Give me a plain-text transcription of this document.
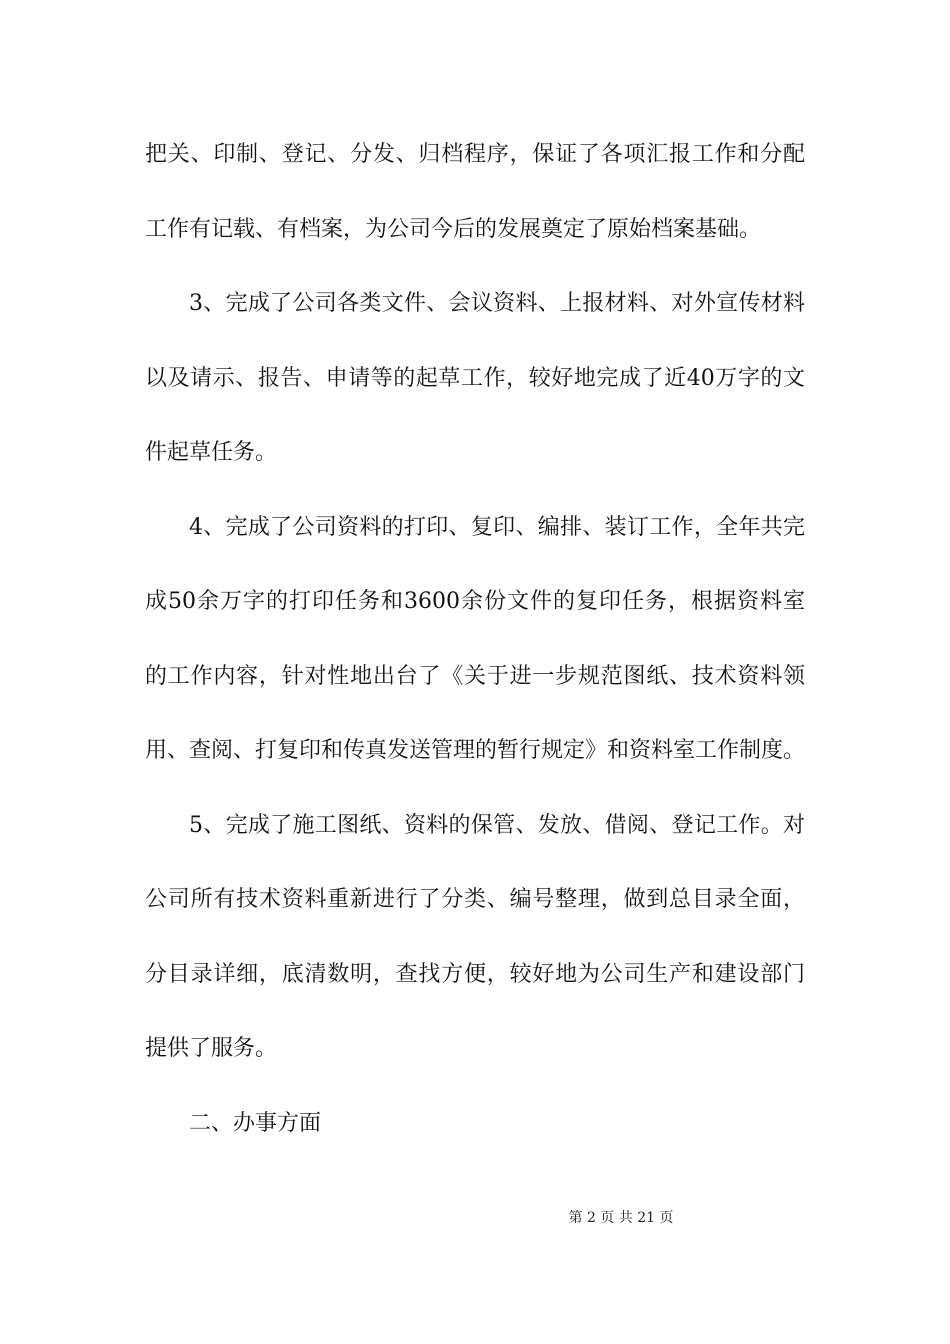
把关、印制、登记、分发、归档程序，保证了各项汇报工作和分配
工作有记载、有档案，为公司今后的发展奠定了原始档案基础。
3、完成了公司各类文件、会议资料、上报材料、对外宣传材料
以及请示、报告、申请等的起草工作，较好地完成了近40万字的文
件起草任务。
4、完成了公司资料的打印、复印、编排、装订工作，全年共完
成50余万字的打印任务和3600余份文件的复印任务，根据资料室
的工作内容，针对性地出台了《关于进一步规范图纸、技术资料领
用、查阅、打复印和传真发送管理的暂行规定》和资料室工作制度。
5、完成了施工图纸、资料的保管、发放、借阅、登记工作。对
公司所有技术资料重新进行了分类、编号整理，做到总目录全面，
分目录详细，底清数明，查找方便，较好地为公司生产和建设部门
提供了服务。
二、办事方面
第 2 页 共 21 页
